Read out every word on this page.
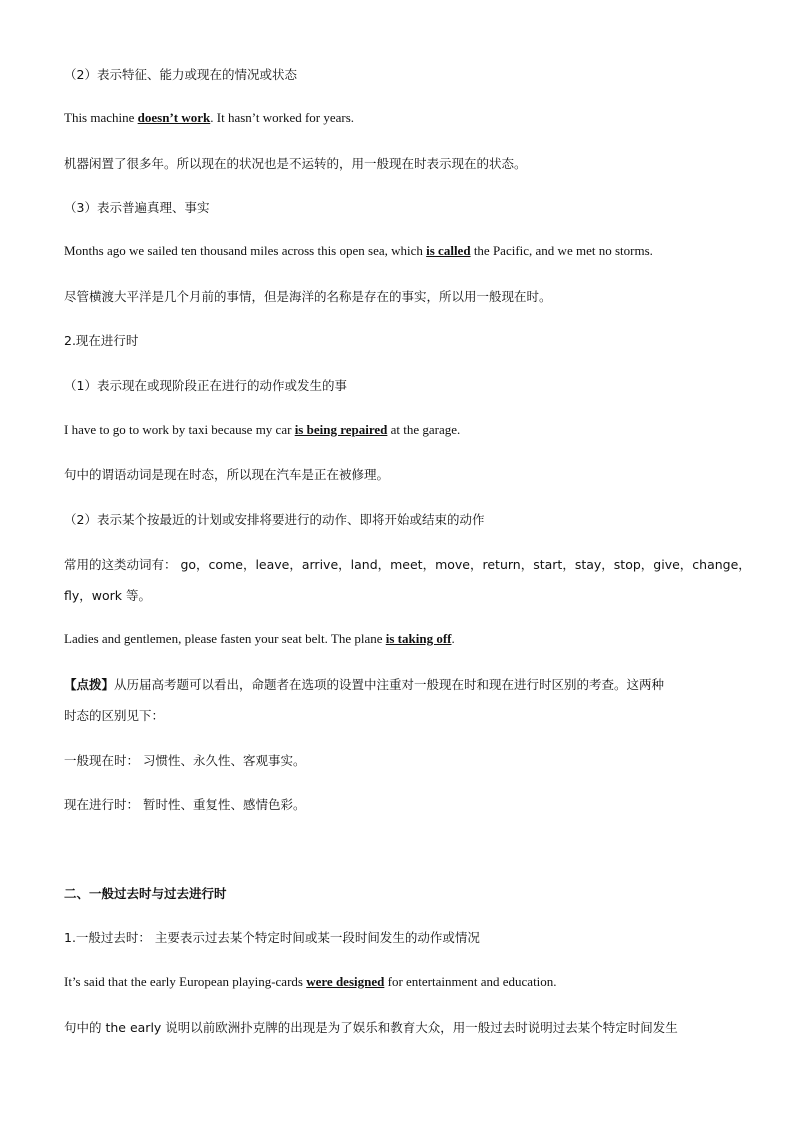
（2）表示特征、能力或现在的情况或状态
This machine doesn’t work. It hasn’t worked for years.
机器闲置了很多年。所以现在的状况也是不运转的，用一般现在时表示现在的状态。
（3）表示普遍真理、事实
Months ago we sailed ten thousand miles across this open sea, which is called the Pacific, and we met no storms.
尽管横渡大平洋是几个月前的事情，但是海洋的名称是存在的事实，所以用一般现在时。
2.现在进行时
（1）表示现在或现阶段正在进行的动作或发生的事
I have to go to work by taxi because my car is being repaired at the garage.
句中的谓语动词是现在时态，所以现在汽车是正在被修理。
（2）表示某个按最近的计划或安排将要进行的动作、即将开始或结束的动作
常用的这类动词有： go，come，leave，arrive，land，meet，move，return，start，stay，stop，give，change，
fly，work 等。
Ladies and gentlemen, please fasten your seat belt. The plane is taking off.
【点拨】从历届高考题可以看出，命题者在选项的设置中注重对一般现在时和现在进行时区别的考查。这两种
时态的区别见下：
一般现在时： 习惯性、永久性、客观事实。
现在进行时： 暂时性、重复性、感情色彩。
二、一般过去时与过去进行时
1.一般过去时： 主要表示过去某个特定时间或某一段时间发生的动作或情况
It’s said that the early European playing-cards were designed for entertainment and education.
句中的 the early 说明以前欧洲扑克牌的出现是为了娱乐和教育大众，用一般过去时说明过去某个特定时间发生
